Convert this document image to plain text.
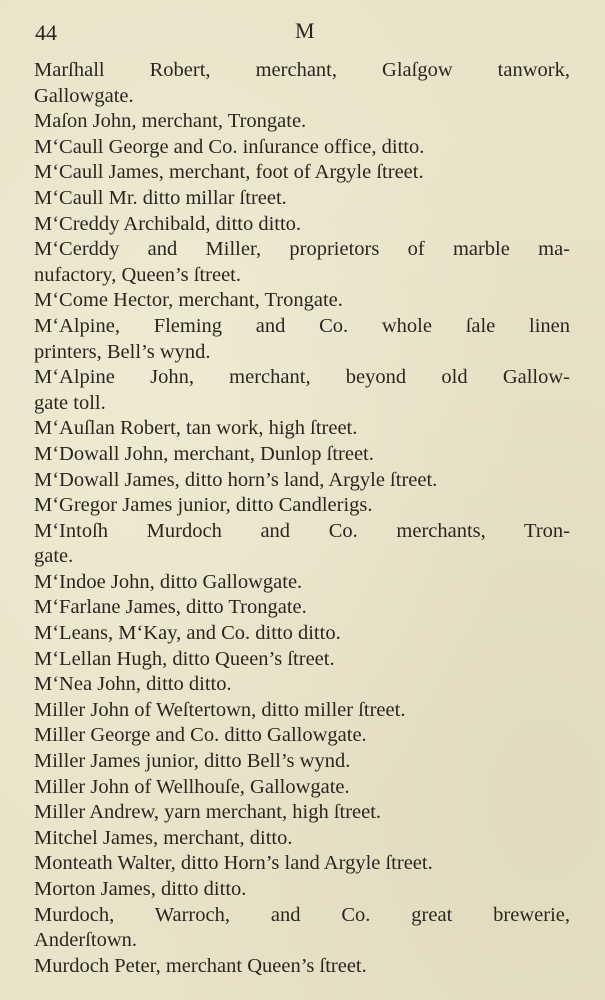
44	M

Marſhall Robert, merchant, Glaſgow tanwork,
Gallowgate.

Maſon John, merchant, Trongate.

M‘Caull George and Co. inſurance office, ditto.

M‘Caull James, merchant, foot of Argyle ſtreet.

M‘Caull Mr. ditto millar ſtreet.

M‘Creddy Archibald, ditto ditto.

M‘Cerddy and Miller, proprietors of marble ma-
nufactory, Queen’s ſtreet.

M‘Come Hector, merchant, Trongate.

M‘Alpine, Fleming and Co. whole ſale linen
printers, Bell’s wynd.

M‘Alpine John, merchant, beyond old Gallow-
gate toll.

M‘Auſlan Robert, tan work, high ſtreet.

M‘Dowall John, merchant, Dunlop ſtreet.

M‘Dowall James, ditto horn’s land, Argyle ſtreet.

M‘Gregor James junior, ditto Candlerigs.

M‘Intoſh Murdoch and Co. merchants, Tron-
gate.

M‘Indoe John, ditto Gallowgate.

M‘Farlane James, ditto Trongate.

M‘Leans, M‘Kay, and Co. ditto ditto.

M‘Lellan Hugh, ditto Queen’s ſtreet.

M‘Nea John, ditto ditto.

Miller John of Weſtertown, ditto miller ſtreet.

Miller George and Co. ditto Gallowgate.

Miller James junior, ditto Bell’s wynd.

Miller John of Wellhouſe, Gallowgate.

Miller Andrew, yarn merchant, high ſtreet.

Mitchel James, merchant, ditto.

Monteath Walter, ditto Horn’s land Argyle ſtreet.

Morton James, ditto ditto.

Murdoch, Warroch, and Co. great brewerie,
Anderſtown.

Murdoch Peter, merchant Queen’s ſtreet.
